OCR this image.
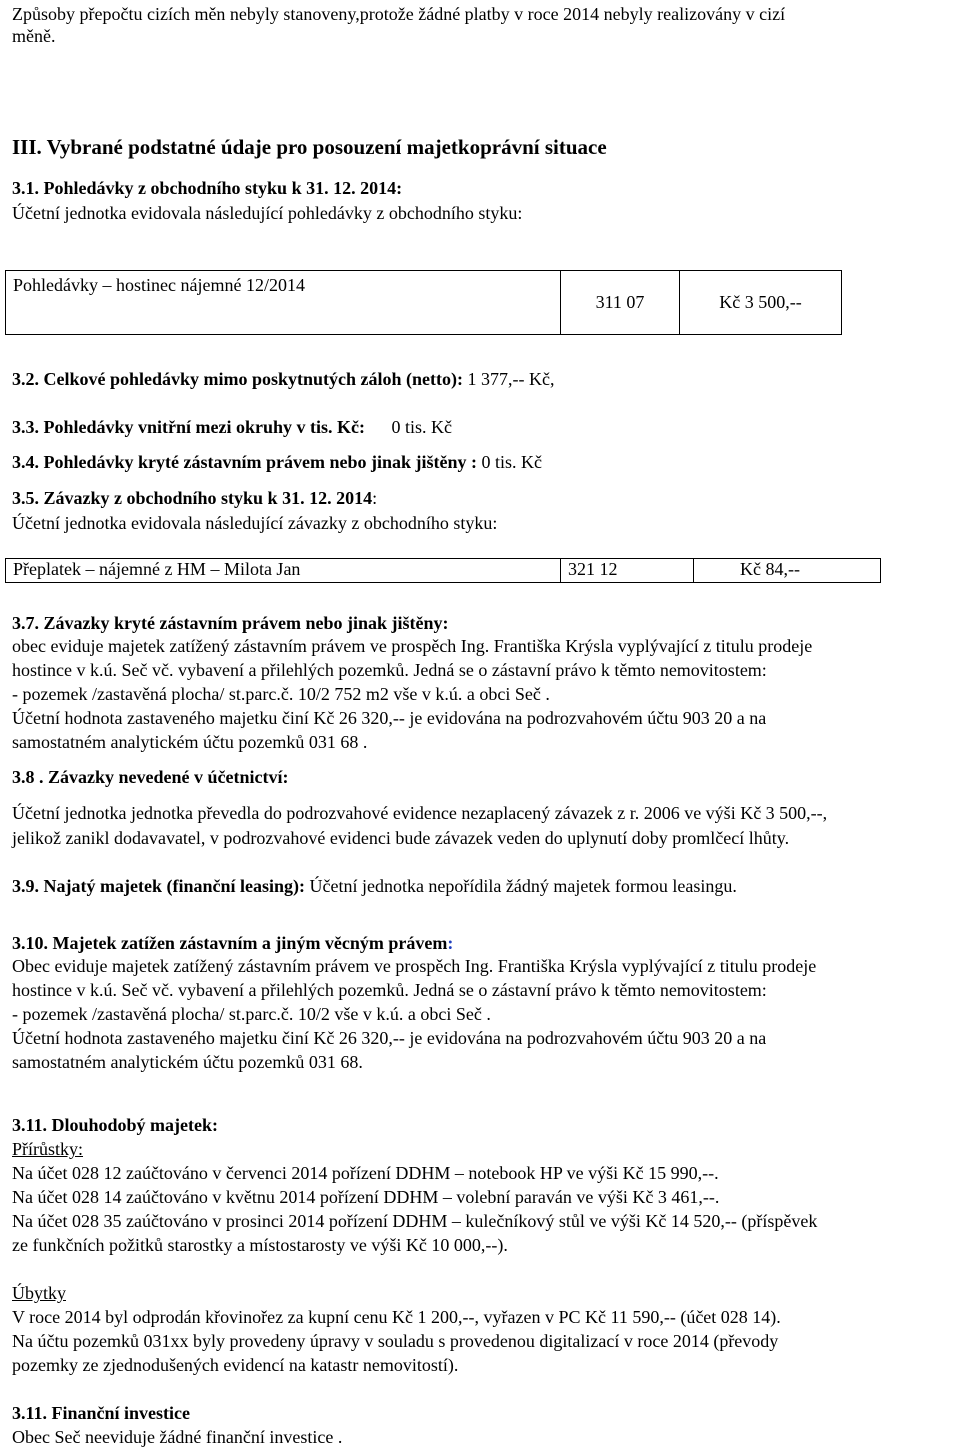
Způsoby přepočtu cizích měn nebyly stanoveny,protože žádné platby v roce 2014 nebyly realizovány v cizí

měně.

III. Vybrané podstatné údaje pro posouzení majetkoprávní situace

3.1. Pohledávky z obchodního styku k 31. 12. 2014:

Účetní jednotka evidovala následující pohledávky z obchodního styku:

Pohledávky – hostinec nájemné 12/2014	311 07	Kč 3 500,--

3.2. Celkové pohledávky mimo poskytnutých záloh (netto): 1 377,-- Kč,

3.3. Pohledávky vnitřní mezi okruhy v tis. Kč: 0 tis. Kč

3.4. Pohledávky kryté zástavním právem nebo jinak jištěny : 0 tis. Kč

3.5. Závazky z obchodního styku k 31. 12. 2014:

Účetní jednotka evidovala následující závazky z obchodního styku:

Přeplatek – nájemné z HM – Milota Jan	321 12	Kč 84,--

3.7. Závazky kryté zástavním právem nebo jinak jištěny:

obec eviduje majetek zatížený zástavním právem ve prospěch Ing. Františka Krýsla vyplývající z titulu prodeje

hostince v k.ú. Seč vč. vybavení a přilehlých pozemků. Jedná se o zástavní právo k těmto nemovitostem:

- pozemek /zastavěná plocha/ st.parc.č. 10/2 752 m2 vše v k.ú. a obci Seč .

Účetní hodnota zastaveného majetku činí Kč 26 320,-- je evidována na podrozvahovém účtu 903 20 a na

samostatném analytickém účtu pozemků 031 68 .

3.8 . Závazky nevedené v účetnictví:

Účetní jednotka jednotka převedla do podrozvahové evidence nezaplacený závazek z r. 2006 ve výši Kč 3 500,--,

jelikož zanikl dodavavatel, v podrozvahové evidenci bude závazek veden do uplynutí doby promlčecí lhůty.

3.9. Najatý majetek (finanční leasing): Účetní jednotka nepořídila žádný majetek formou leasingu.

3.10. Majetek zatížen zástavním a jiným věcným právem:

Obec eviduje majetek zatížený zástavním právem ve prospěch Ing. Františka Krýsla vyplývající z titulu prodeje

hostince v k.ú. Seč vč. vybavení a přilehlých pozemků. Jedná se o zástavní právo k těmto nemovitostem:

- pozemek /zastavěná plocha/ st.parc.č. 10/2 vše v k.ú. a obci Seč .

Účetní hodnota zastaveného majetku činí Kč 26 320,-- je evidována na podrozvahovém účtu 903 20 a na

samostatném analytickém účtu pozemků 031 68.

3.11. Dlouhodobý majetek:

Přírůstky:

Na účet 028 12 zaúčtováno v červenci 2014 pořízení DDHM – notebook HP ve výši Kč 15 990,--.

Na účet 028 14 zaúčtováno v květnu 2014 pořízení DDHM – volební paraván ve výši Kč 3 461,--.

Na účet 028 35 zaúčtováno v prosinci 2014 pořízení DDHM – kulečníkový stůl ve výši Kč 14 520,-- (příspěvek

ze funkčních požitků starostky a místostarosty ve výši Kč 10 000,--).

Úbytky

V roce 2014 byl odprodán křovinořez za kupní cenu Kč 1 200,--, vyřazen v PC Kč 11 590,-- (účet 028 14).

Na účtu pozemků 031xx byly provedeny úpravy v souladu s provedenou digitalizací v roce 2014 (převody

pozemky ze zjednodušených evidencí na katastr nemovitostí).

3.11. Finanční investice

Obec Seč neeviduje žádné finanční investice .
